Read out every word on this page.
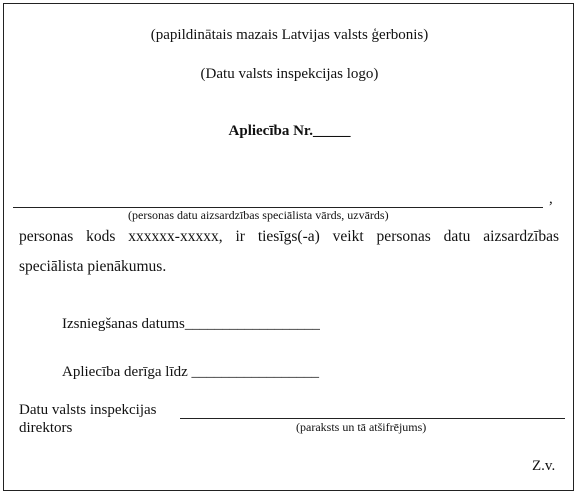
(papildinātais mazais Latvijas valsts ģerbonis)
(Datu valsts inspekcijas logo)
Apliecība Nr._____
,
(personas datu aizsardzības speciālista vārds, uzvārds)
personas kods xxxxxx-xxxxx, ir tiesīgs(-a) veikt personas datu aizsardzības
speciālista pienākumus.
Izsniegšanas datums__________________
Apliecība derīga līdz _________________
Datu valsts inspekcijas
direktors	(paraksts un tā atšifrējums)
Z.v.
